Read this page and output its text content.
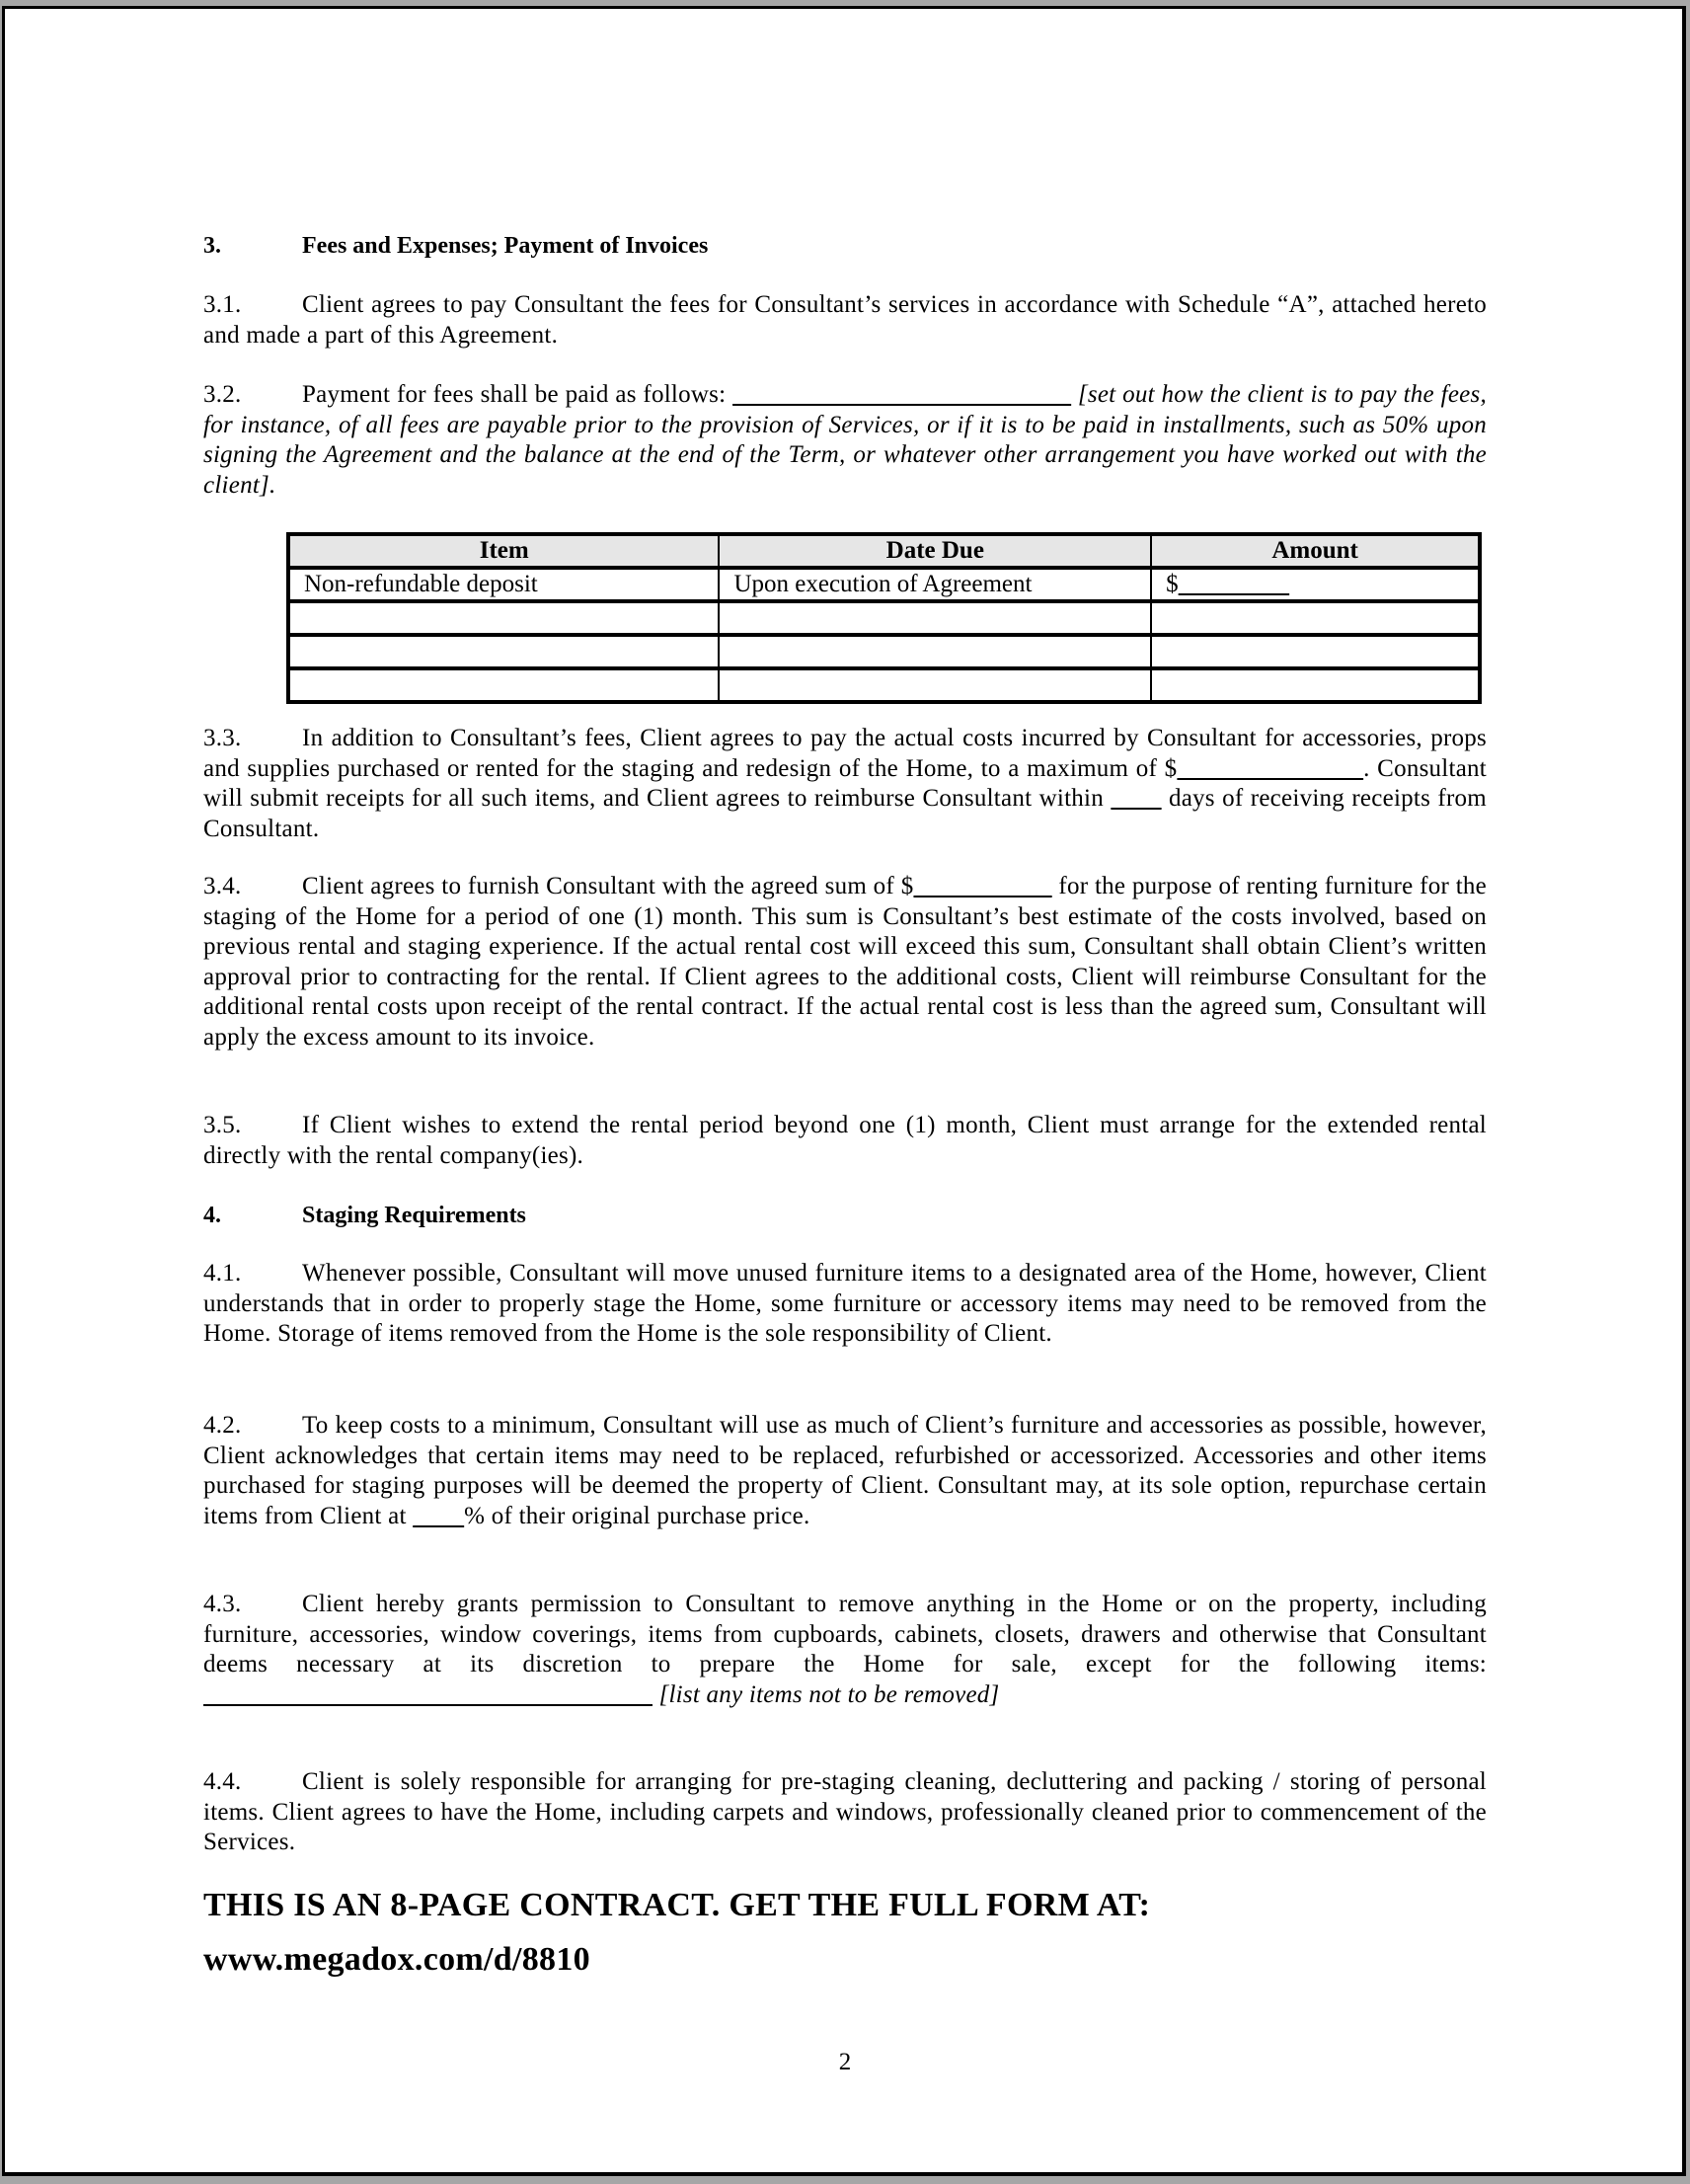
3.	Fees and Expenses; Payment of Invoices
3.1. Client agrees to pay Consultant the fees for Consultant’s services in accordance with Schedule “A”, attached hereto and made a part of this Agreement.
3.2. Payment for fees shall be paid as follows:	[set out how the client is to pay the fees, for instance, of all fees are payable prior to the provision of Services, or if it is to be paid in installments, such as 50% upon signing the Agreement and the balance at the end of the Term, or whatever other arrangement you have worked out with the client].
Item	Date Due	Amount
Non-refundable deposit	Upon execution of Agreement	$

3.3. In addition to Consultant’s fees, Client agrees to pay the actual costs incurred by Consultant for accessories, props and supplies purchased or rented for the staging and redesign of the Home, to a maximum of $	. Consultant will submit receipts for all such items, and Client agrees to reimburse Consultant within         days of receiving receipts from Consultant.
3.4. Client agrees to furnish Consultant with the agreed sum of $	for the purpose of renting furniture for the staging of the Home for a period of one (1) month. This sum is Consultant’s best estimate of the costs involved, based on previous rental and staging experience. If the actual rental cost will exceed this sum, Consultant shall obtain Client’s written approval prior to contracting for the rental. If Client agrees to the additional costs, Client will reimburse Consultant for the additional rental costs upon receipt of the rental contract. If the actual rental cost is less than the agreed sum, Consultant will apply the excess amount to its invoice.
3.5. If Client wishes to extend the rental period beyond one (1) month, Client must arrange for the extended rental directly with the rental company(ies).
4.	Staging Requirements
4.1. Whenever possible, Consultant will move unused furniture items to a designated area of the Home, however, Client understands that in order to properly stage the Home, some furniture or accessory items may need to be removed from the Home. Storage of items removed from the Home is the sole responsibility of Client.
4.2. To keep costs to a minimum, Consultant will use as much of Client’s furniture and accessories as possible, however, Client acknowledges that certain items may need to be replaced, refurbished or accessorized. Accessories and other items purchased for staging purposes will be deemed the property of Client. Consultant may, at its sole option, repurchase certain items from Client at         % of their original purchase price.
4.3. Client hereby grants permission to Consultant to remove anything in the Home or on the property, including furniture, accessories, window coverings, items from cupboards, cabinets, closets, drawers and otherwise that Consultant deems necessary at its discretion to prepare the Home for sale, except for the following items:                                                                        [list any items not to be removed]
4.4. Client is solely responsible for arranging for pre-staging cleaning, decluttering and packing / storing of personal items. Client agrees to have the Home, including carpets and windows, professionally cleaned prior to commencement of the Services.
THIS IS AN 8-PAGE CONTRACT. GET THE FULL FORM AT:
www.megadox.com/d/8810
2
